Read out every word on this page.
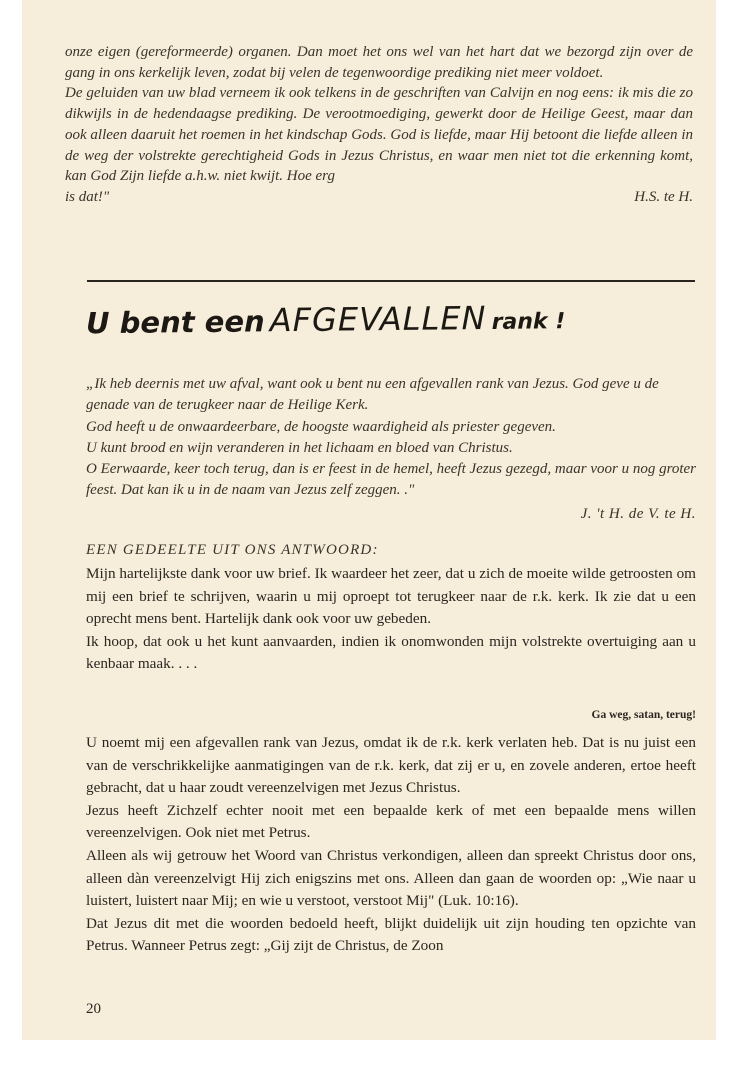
onze eigen (gereformeerde) organen. Dan moet het ons wel van het hart dat we bezorgd zijn over de gang in ons kerkelijk leven, zodat bij velen de tegenwoordige prediking niet meer voldoet.

De geluiden van uw blad verneem ik ook telkens in de geschriften van Calvijn en nog eens: ik mis die zo dikwijls in de hedendaagse prediking. De verootmoediging, gewerkt door de Heilige Geest, maar dan ook alleen daaruit het roemen in het kindschap Gods. God is liefde, maar Hij betoont die liefde alleen in de weg der volstrekte gerechtigheid Gods in Jezus Christus, en waar men niet tot die erkenning komt, kan God Zijn liefde a.h.w. niet kwijt. Hoe erg

is dat!"	H.S. te H.
U bent een AFGEVALLEN rank !

„Ik heb deernis met uw afval, want ook u bent nu een afgevallen rank van Jezus. God geve u de genade van de terugkeer naar de Heilige Kerk.

God heeft u de onwaardeerbare, de hoogste waardigheid als priester gegeven.

U kunt brood en wijn veranderen in het lichaam en bloed van Christus.

O Eerwaarde, keer toch terug, dan is er feest in de hemel, heeft Jezus gezegd, maar voor u nog groter feest. Dat kan ik u in de naam van Jezus zelf zeggen. ."

J. 't H. de V. te H.
EEN GEDEELTE UIT ONS ANTWOORD:

Mijn hartelijkste dank voor uw brief. Ik waardeer het zeer, dat u zich de moeite wilde getroosten om mij een brief te schrijven, waarin u mij oproept tot terugkeer naar de r.k. kerk. Ik zie dat u een oprecht mens bent. Hartelijk dank ook voor uw gebeden.

Ik hoop, dat ook u het kunt aanvaarden, indien ik onomwonden mijn volstrekte overtuiging aan u kenbaar maak. . . .

Ga weg, satan, terug!

U noemt mij een afgevallen rank van Jezus, omdat ik de r.k. kerk verlaten heb. Dat is nu juist een van de verschrikkelijke aanmatigingen van de r.k. kerk, dat zij er u, en zovele anderen, ertoe heeft gebracht, dat u haar zoudt vereenzelvigen met Jezus Christus.

Jezus heeft Zichzelf echter nooit met een bepaalde kerk of met een bepaalde mens willen vereenzelvigen. Ook niet met Petrus.

Alleen als wij getrouw het Woord van Christus verkondigen, alleen dan spreekt Christus door ons, alleen dàn vereenzelvigt Hij zich enigszins met ons. Alleen dan gaan de woorden op: „Wie naar u luistert, luistert naar Mij; en wie u verstoot, verstoot Mij" (Luk. 10:16).

Dat Jezus dit met die woorden bedoeld heeft, blijkt duidelijk uit zijn houding ten opzichte van Petrus. Wanneer Petrus zegt: „Gij zijt de Christus, de Zoon

20
